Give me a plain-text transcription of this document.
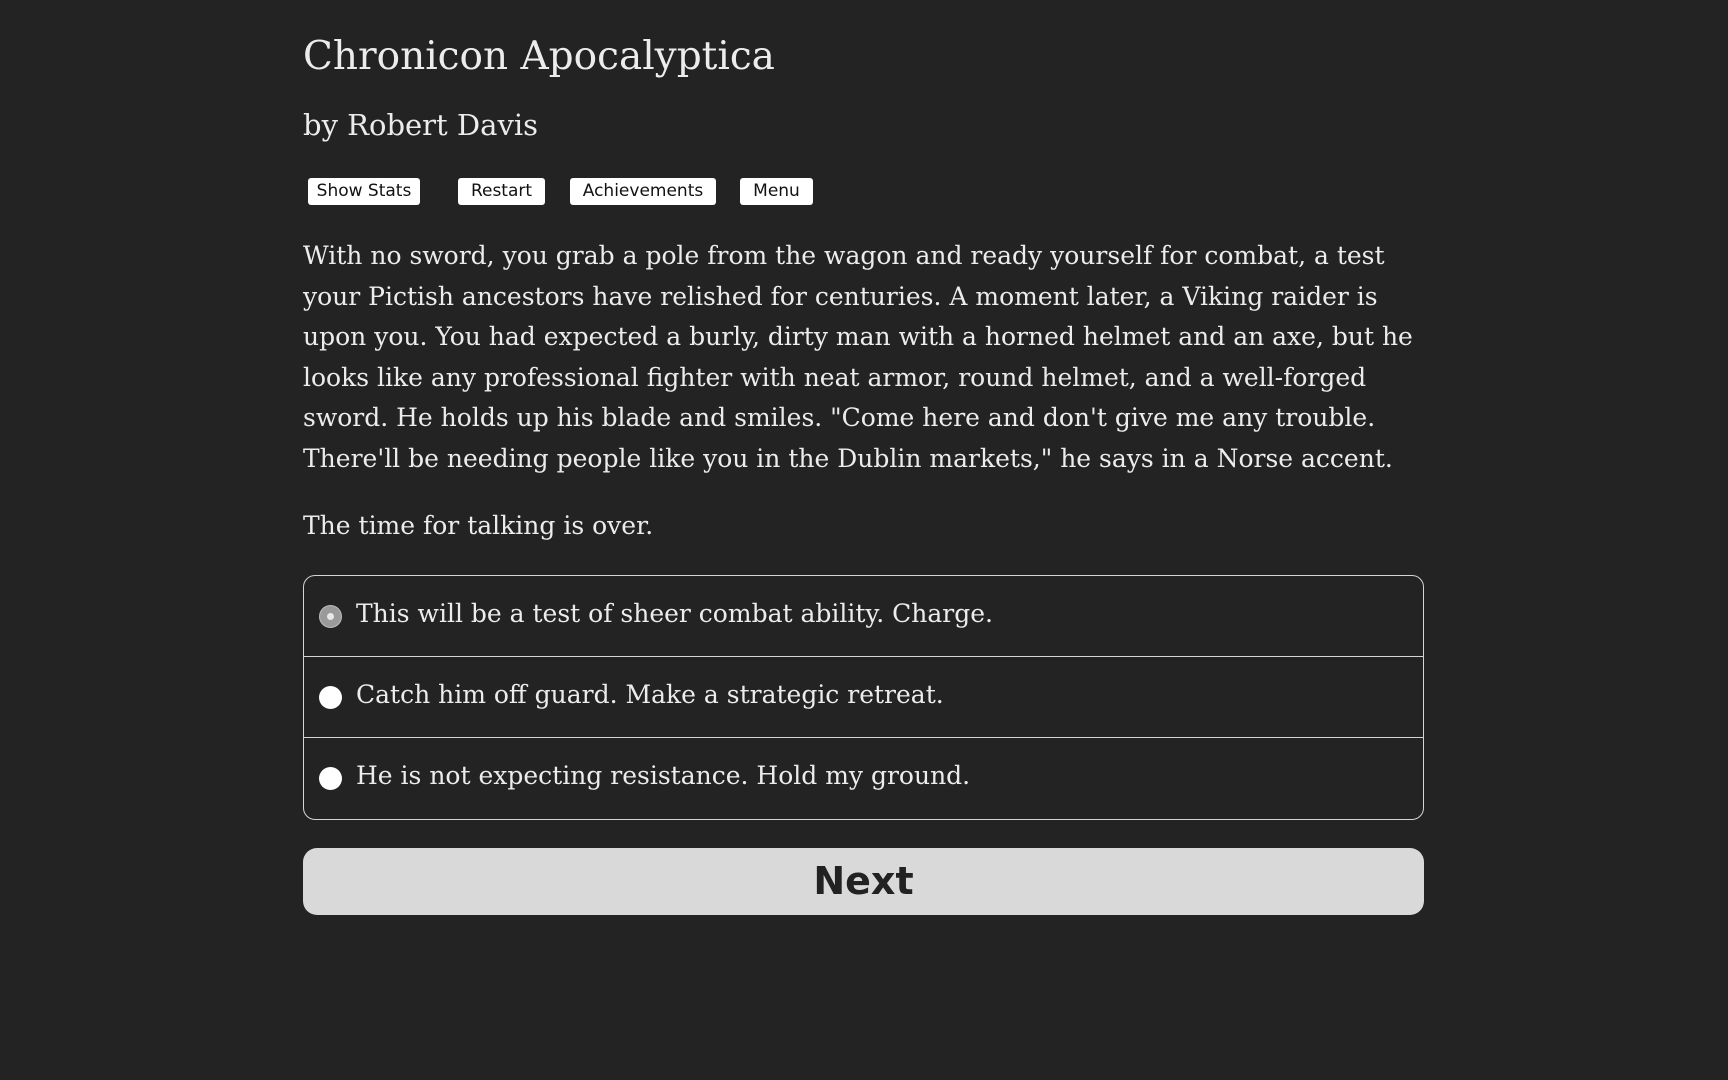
Chronicon Apocalyptica
by Robert Davis
Show Stats	Restart	Achievements	Menu

With no sword, you grab a pole from the wagon and ready yourself for combat, a test your Pictish ancestors have relished for centuries. A moment later, a Viking raider is upon you. You had expected a burly, dirty man with a horned helmet and an axe, but he looks like any professional fighter with neat armor, round helmet, and a well-forged sword. He holds up his blade and smiles. "Come here and don't give me any trouble. There'll be needing people like you in the Dublin markets," he says in a Norse accent.

The time for talking is over.

This will be a test of sheer combat ability. Charge.
Catch him off guard. Make a strategic retreat.
He is not expecting resistance. Hold my ground.
Next
